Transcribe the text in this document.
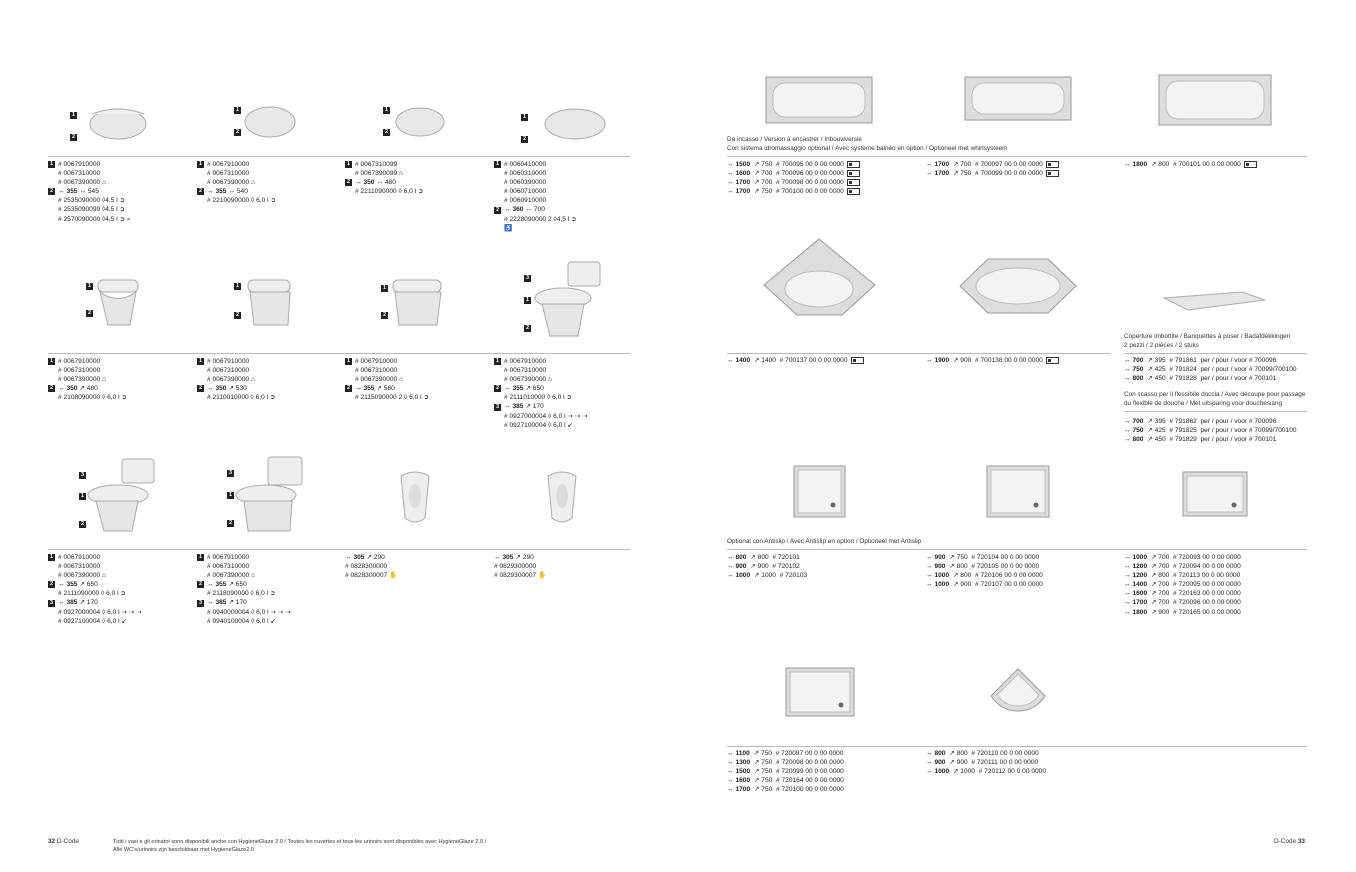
1
2
1
2
1
2
1
2
1 # 0067910000
# 0067310000
# 0067390000 ⌂
2 ↔ 355 ↔ 545
# 2535090000 ◊4,5 l ➲
# 2535090099 ◊4,5 l ➲
# 2570090000 ◊4,5 l ➲ ⌕
1 # 0067910000
# 0067310000
# 0067390000 ⌂
2 ↔ 355 ↔ 540
# 2210090000 ◊ 6,0 l ➲
1 # 0067310099
# 0067390099 ⌂
2 ↔ 350 ↔ 480
# 2211090000 ◊ 6,0 l ➲
1 # 0060410000
# 0060310000
# 0060390000
# 0060710000
# 0060910000
2 ↔ 360 ↔ 700
# 2228090000 2 ◊4,5 l ➲
♿
1
2
1
2
1
2
3
1
2
1 # 0067910000
# 0067310000
# 0067390000 ⌂
2 ↔ 350 ↗ 480
# 2108090000 ◊ 6,0 l ➲
1 # 0067910000
# 0067310000
# 0067390000 ⌂
2 ↔ 350 ↗ 530
# 2110010000 ◊ 6,0 l ➲
1 # 0067910000
# 0067310000
# 0067390000 ⌂
2 ↔ 355 ↗ 560
# 2115090000 2 ◊ 6,0 l ➲
1 # 0067910000
# 0067310000
# 0067390000 ⌂
2 ↔ 355 ↗ 650
# 2111010000 ◊ 6,0 l ➲
3 ↔ 385 ↗ 170
# 0927000004 ◊ 6,0 l ⇢ ⇢ ⇢
# 0927100004 ◊ 6,0 l ↙
3
1
2
3
1
2
1 # 0067910000
# 0067310000
# 0067390000 ⌂
2 ↔ 355 ↗ 650
# 2111090000 ◊ 6,0 l ➲
3 ↔ 385 ↗ 170
# 0927000004 ◊ 6,0 l ⇢ ⇢ ⇢
# 0927100004 ◊ 6,0 l ↙
1 # 0067910000
# 0067310000
# 0067390000 ⌂
2 ↔ 355 ↗ 650
# 2118090000 ◊ 6,0 l ➲
3 ↔ 385 ↗ 170
# 0940000004 ◊ 6,0 l ⇢ ⇢ ⇢
# 0940100004 ◊ 6,0 l ↙
↔ 305 ↗ 290
# 0828300000
# 0828300007 ✋
↔ 305 ↗ 290
# 0829300000
# 0829300007 ✋
32 D-Code	Tutti i vasi e gli orinatoi sono disponibili anche con HygieneGlaze 2.0 / Toutes les cuvettes et tous les urinoirs sont disponibles avec HygieneGlaze 2.0 /
Alle WC's/urinoirs zijn beschikbaar met HygieneGlaze2.0
Da incasso / Version à encastrer / Inbouwversie
Con sistema idromassaggio optional / Avec système balnéo en option / Optioneel met whirlsysteem
↔ 1500
↗ 750
# 700095 00 0 00 0000
↔ 1600
↗ 700
# 700096 00 0 00 0000
↔ 1700
↗ 700
# 700098 00 0 00 0000
↔ 1700
↗ 750
# 700100 00 0 00 0000
↔ 1700
↗ 700
# 700097 00 0 00 0000
↔ 1700
↗ 750
# 700099 00 0 00 0000
↔ 1800
↗ 800
# 700101 00 0 00 0000
↔ 1400
↗ 1400
# 700137 00 0 00 0000	↔ 1900
↗ 900
# 700138 00 0 00 0000
Coperture imbottite / Banquettes à poser / Badafdekkingen
2 pezzi / 2 pièces / 2 stuks
↔ 700
↗ 395
# 791861
per / pour / voor # 700096
↔ 750
↗ 425
# 791824
per / pour / voor # 70099/700100
↔ 800
↗ 450
# 791828
per / pour / voor # 700101
Con scasso per il flessibile doccia / Avec découpe pour passage
du flexible de douche / Met uitsparing voor douchesiang
↔ 700
↗ 395
# 791862
per / pour / voor # 700096
↔ 750
↗ 425
# 791825
per / pour / voor # 70099/700100
↔ 800
↗ 450
# 791829
per / pour / voor # 700101
Optional con Antislip / Avec Antislip en option / Optioneel met Antislip
↔ 800
↗ 800
# 720101
↔ 900
↗ 900
# 720102
↔ 1000
↗ 1000
# 720103
↔ 900
↗ 750
# 720104 00 0 00 0000
↔ 900
↗ 800
# 720105 00 0 00 0000
↔ 1000
↗ 800
# 720106 00 0 00 0000
↔ 1000
↗ 900
# 720107 00 0 00 0000
↔ 1000
↗ 700
# 720093 00 0 00 0000
↔ 1200
↗ 700
# 720094 00 0 00 0000
↔ 1200
↗ 800
# 720113 00 0 00 0000
↔ 1400
↗ 700
# 720095 00 0 00 0000
↔ 1600
↗ 700
# 720163 00 0 00 0000
↔ 1700
↗ 700
# 720096 00 0 00 0000
↔ 1800
↗ 900
# 720165 00 0 00 0000
↔ 1100
↗ 750
# 720097 00 0 00 0000
↔ 1300
↗ 750
# 720098 00 0 00 0000
↔ 1500
↗ 750
# 720099 00 0 00 0000
↔ 1600
↗ 750
# 720164 00 0 00 0000
↔ 1700
↗ 750
# 720100 00 0 00 0000
↔ 800
↗ 800
# 720110 00 0 00 0000
↔ 900
↗ 900
# 720111 00 0 00 0000
↔ 1000
↗ 1000
# 720112 00 0 00 0000
D-Code 33
